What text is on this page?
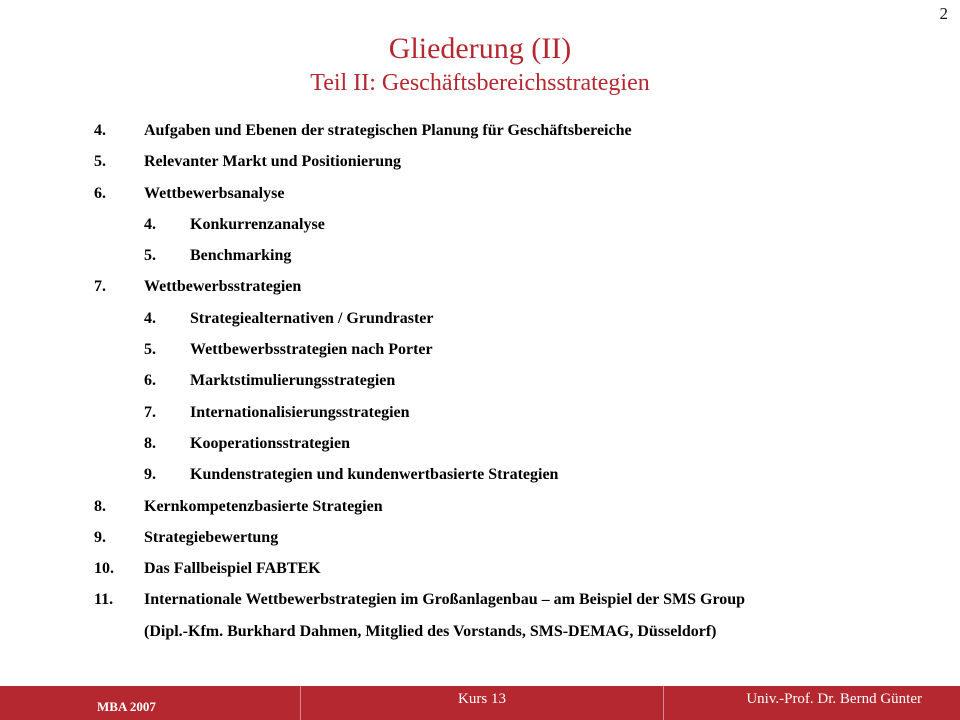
2
Gliederung (II)
Teil II: Geschäftsbereichsstrategien
4.	Aufgaben und Ebenen der strategischen Planung für Geschäftsbereiche
5.	Relevanter Markt und Positionierung
6.	Wettbewerbsanalyse
4.	Konkurrenzanalyse
5.	Benchmarking
7.	Wettbewerbsstrategien
4.	Strategiealternativen / Grundraster
5.	Wettbewerbsstrategien nach Porter
6.	Marktstimulierungsstrategien
7.	Internationalisierungsstrategien
8.	Kooperationsstrategien
9.	Kundenstrategien und kundenwertbasierte Strategien
8.	Kernkompetenzbasierte Strategien
9.	Strategiebewertung
10.	Das Fallbeispiel FABTEK
11.	Internationale Wettbewerbstrategien im Großanlagenbau – am Beispiel der SMS Group
(Dipl.-Kfm. Burkhard Dahmen, Mitglied des Vorstands, SMS-DEMAG, Düsseldorf)
MBA 2007	Kurs 13	Univ.-Prof. Dr. Bernd Günter
